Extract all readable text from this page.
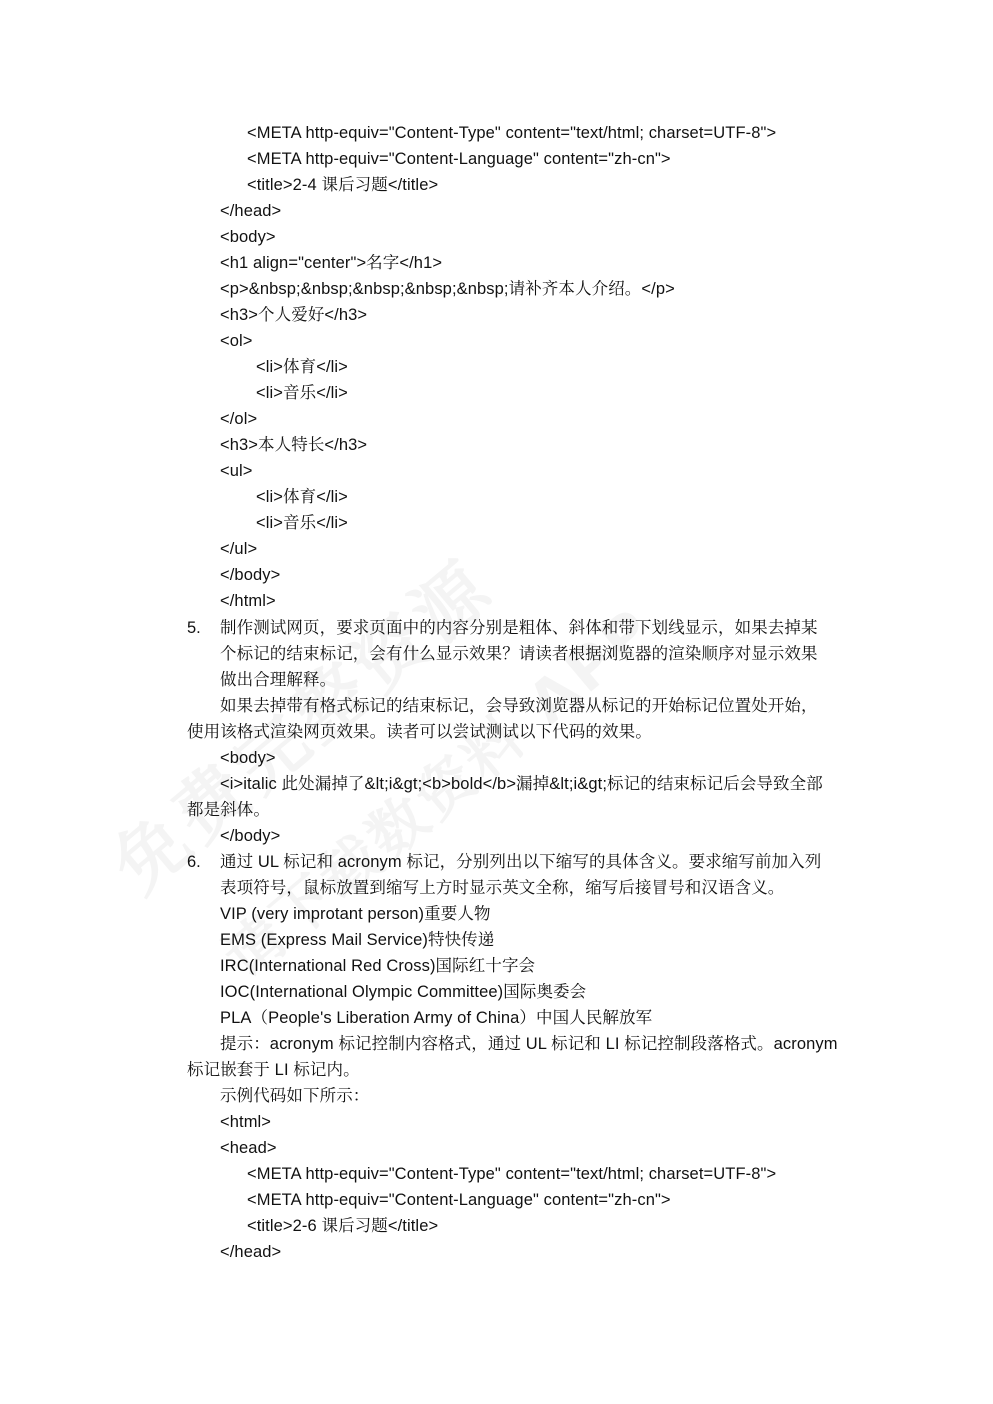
<META http-equiv="Content-Type" content="text/html; charset=UTF-8">
<META http-equiv="Content-Language" content="zh-cn">
<title>2-4 课后习题</title>
</head>
<body>
<h1 align="center">名字</h1>
<p>&nbsp;&nbsp;&nbsp;&nbsp;&nbsp;请补齐本人介绍。</p>
<h3>个人爱好</h3>
<ol>
<li>体育</li>
<li>音乐</li>
</ol>
<h3>本人特长</h3>
<ul>
<li>体育</li>
<li>音乐</li>
</ul>
</body>
</html>
5. 制作测试网页，要求页面中的内容分别是粗体、斜体和带下划线显示，如果去掉某
个标记的结束标记，会有什么显示效果？请读者根据浏览器的渲染顺序对显示效果
做出合理解释。
如果去掉带有格式标记的结束标记，会导致浏览器从标记的开始标记位置处开始，
使用该格式渲染网页效果。读者可以尝试测试以下代码的效果。
<body>
<i>italic 此处漏掉了&lt;i&gt;<b>bold</b>漏掉&lt;i&gt;标记的结束标记后会导致全部
都是斜体。
</body>
6. 通过 UL 标记和 acronym 标记，分别列出以下缩写的具体含义。要求缩写前加入列
表项符号，鼠标放置到缩写上方时显示英文全称，缩写后接冒号和汉语含义。
VIP (very improtant person)重要人物
EMS (Express Mail Service)特快传递
IRC(International Red Cross)国际红十字会
IOC(International Olympic Committee)国际奥委会
PLA（People's Liberation Army of China）中国人民解放军
提示：acronym 标记控制内容格式，通过 UL 标记和 LI 标记控制段落格式。acronym
标记嵌套于 LI 标记内。
示例代码如下所示：
<html>
<head>
<META http-equiv="Content-Type" content="text/html; charset=UTF-8">
<META http-equiv="Content-Language" content="zh-cn">
<title>2-6 课后习题</title>
</head>
